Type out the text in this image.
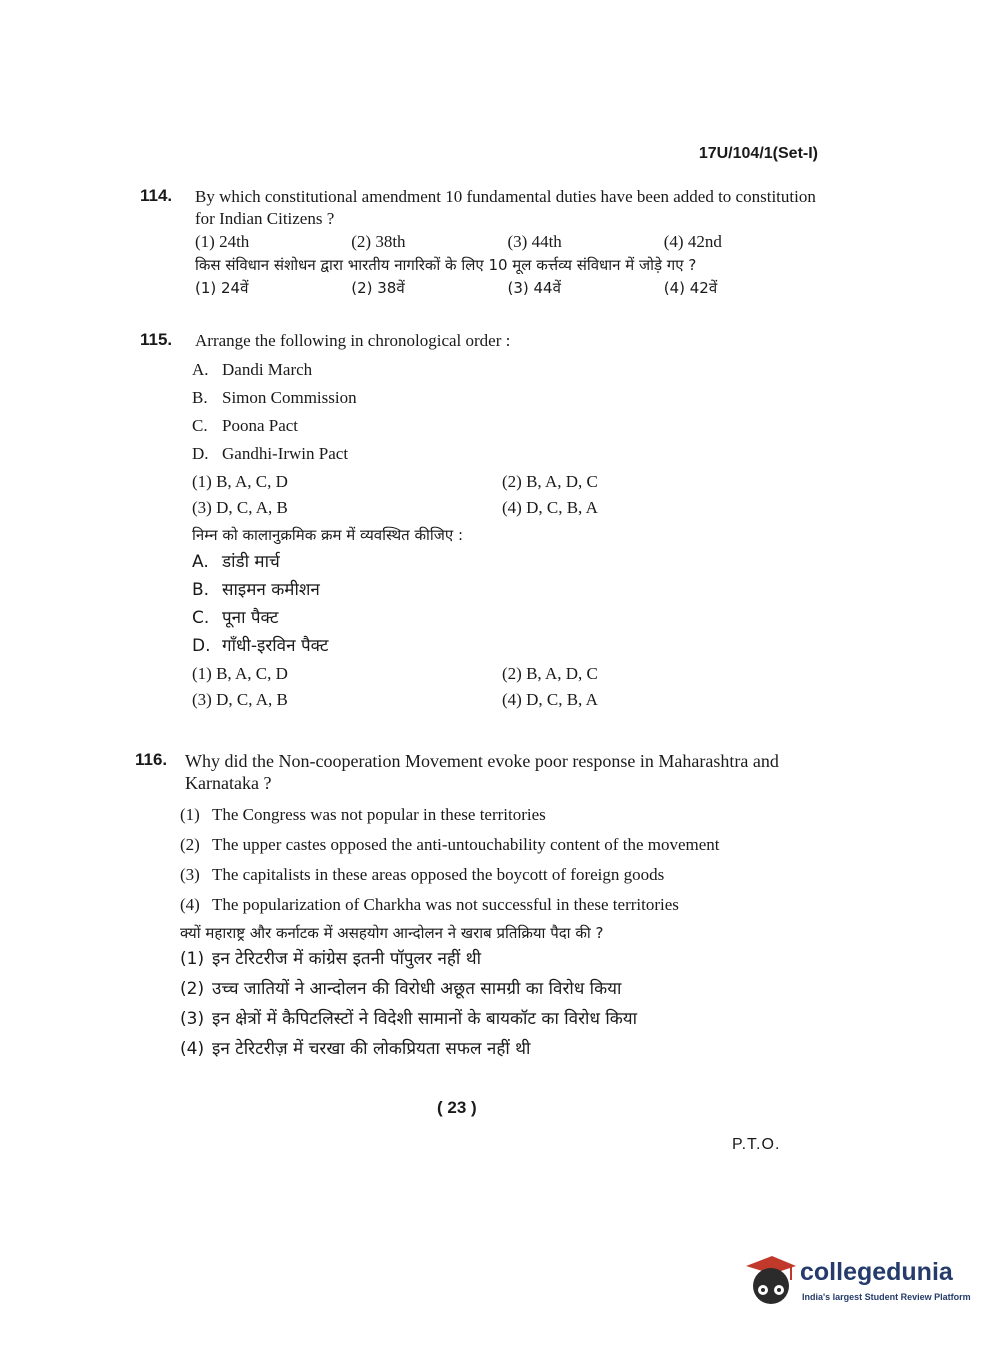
17U/104/1(Set-I)
114. By which constitutional amendment 10 fundamental duties have been added to constitution for Indian Citizens ?
(1) 24th	(2) 38th	(3) 44th	(4) 42nd
किस संविधान संशोधन द्वारा भारतीय नागरिकों के लिए 10 मूल कर्त्तव्य संविधान में जोड़े गए ?
(1) 24वें	(2) 38वें	(3) 44वें	(4) 42वें
115. Arrange the following in chronological order :
A. Dandi March
B. Simon Commission
C. Poona Pact
D. Gandhi-Irwin Pact
(1) B, A, C, D	(2) B, A, D, C
(3) D, C, A, B	(4) D, C, B, A
निम्न को कालानुक्रमिक क्रम में व्यवस्थित कीजिए :
A. डांडी मार्च
B. साइमन कमीशन
C. पूना पैक्ट
D. गाँधी-इरविन पैक्ट
(1) B, A, C, D	(2) B, A, D, C
(3) D, C, A, B	(4) D, C, B, A
116. Why did the Non-cooperation Movement evoke poor response in Maharashtra and Karnataka ?
(1) The Congress was not popular in these territories
(2) The upper castes opposed the anti-untouchability content of the movement
(3) The capitalists in these areas opposed the boycott of foreign goods
(4) The popularization of Charkha was not successful in these territories
क्यों महाराष्ट्र और कर्नाटक में असहयोग आन्दोलन ने खराब प्रतिक्रिया पैदा की ?
(1) इन टेरिटरीज में कांग्रेस इतनी पॉपुलर नहीं थी
(2) उच्च जातियों ने आन्दोलन की विरोधी अछूत सामग्री का विरोध किया
(3) इन क्षेत्रों में कैपिटलिस्टों ने विदेशी सामानों के बायकॉट का विरोध किया
(4) इन टेरिटरीज़ में चरखा की लोकप्रियता सफल नहीं थी
( 23 )
P.T.O.
collegedunia
India's largest Student Review Platform
